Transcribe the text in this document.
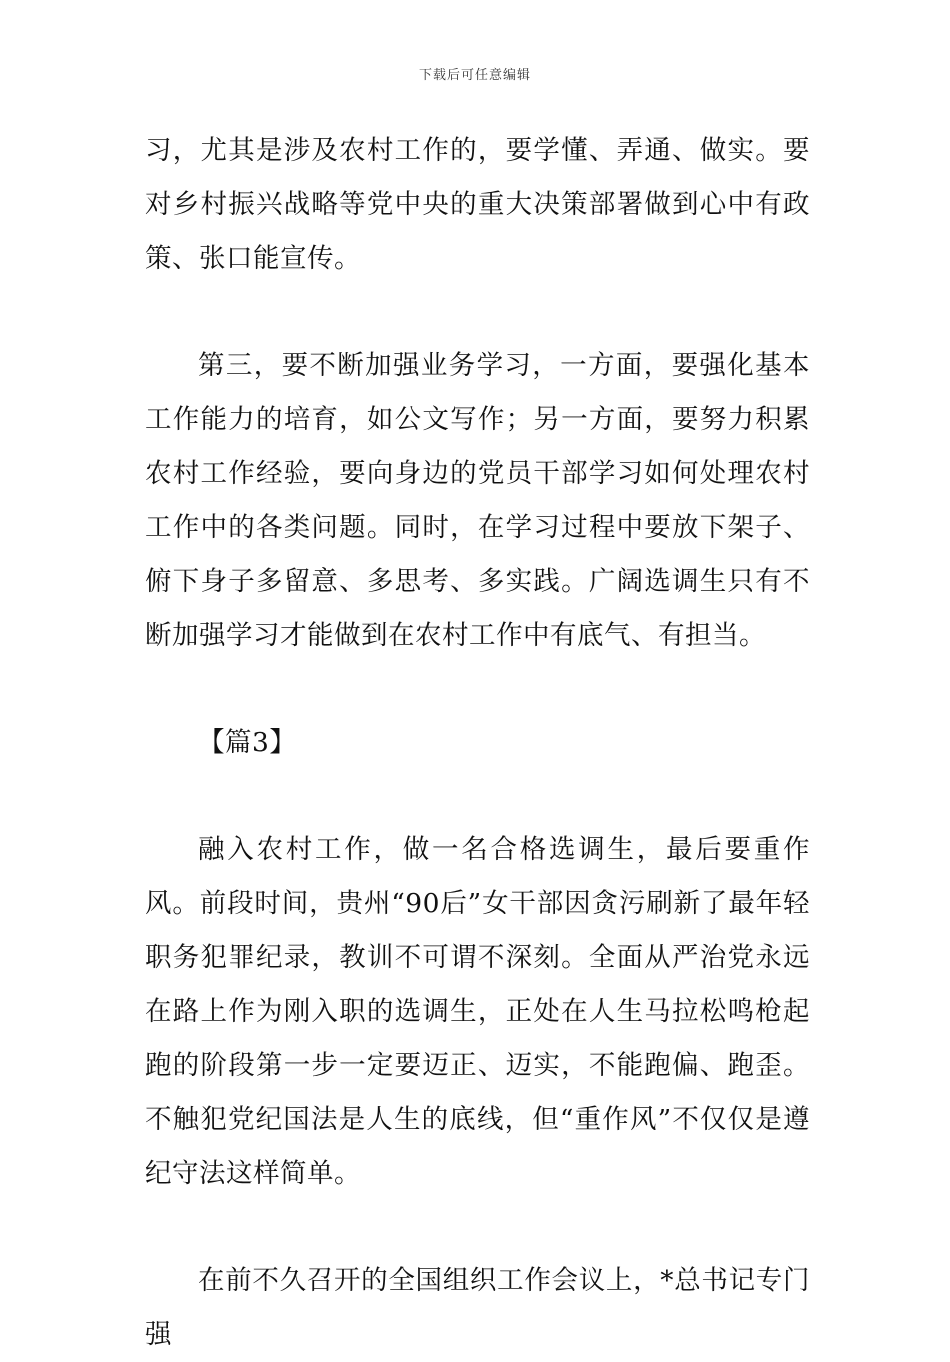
下载后可任意编辑

习，尤其是涉及农村工作的，要学懂、弄通、做实。要对乡村振兴战略等党中央的重大决策部署做到心中有政策、张口能宣传。

第三，要不断加强业务学习，一方面，要强化基本工作能力的培育，如公文写作；另一方面，要努力积累农村工作经验，要向身边的党员干部学习如何处理农村工作中的各类问题。同时，在学习过程中要放下架子、俯下身子多留意、多思考、多实践。广阔选调生只有不断加强学习才能做到在农村工作中有底气、有担当。

【篇3】

融入农村工作，做一名合格选调生，最后要重作风。前段时间，贵州“90后”女干部因贪污刷新了最年轻职务犯罪纪录，教训不可谓不深刻。全面从严治党永远在路上作为刚入职的选调生，正处在人生马拉松鸣枪起跑的阶段第一步一定要迈正、迈实，不能跑偏、跑歪。不触犯党纪国法是人生的底线，但“重作风”不仅仅是遵纪守法这样简单。

在前不久召开的全国组织工作会议上，*总书记专门强
